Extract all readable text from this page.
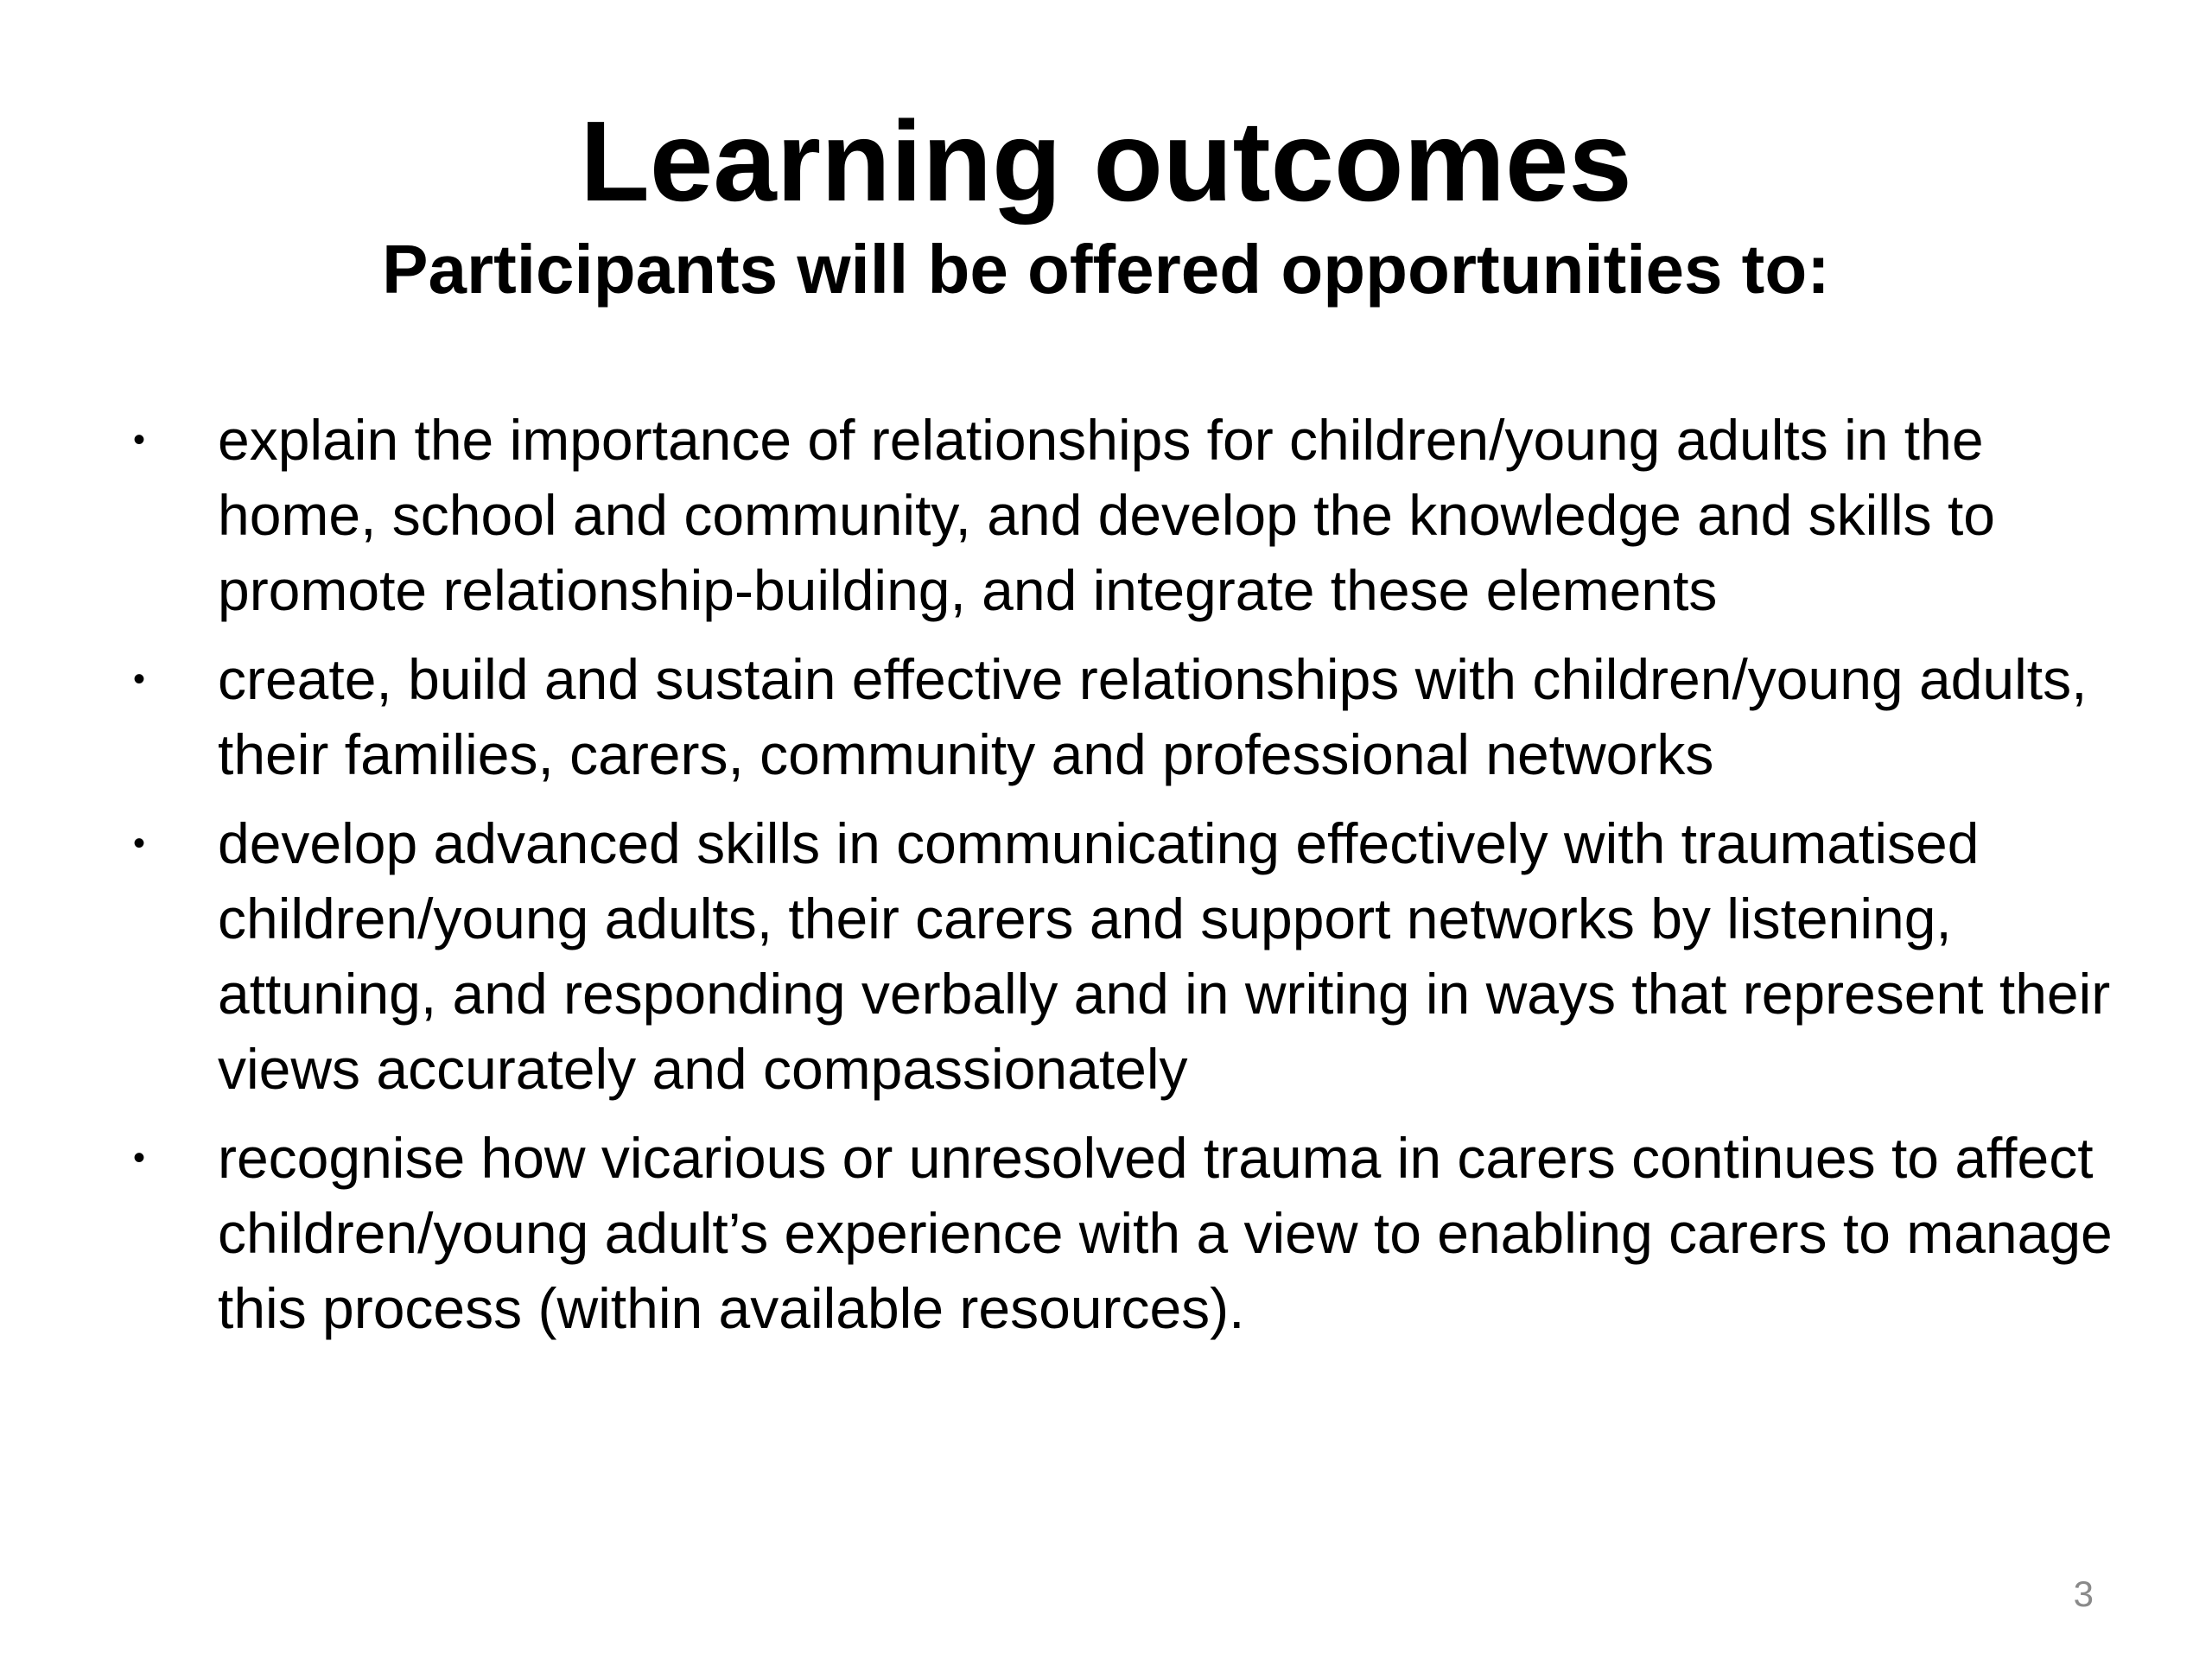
Learning outcomes
Participants will be offered opportunities to:
• explain the importance of relationships for children/young adults in the home, school and community, and develop the knowledge and skills to promote relationship-building, and integrate these elements
• create, build and sustain effective relationships with children/young adults, their families, carers, community and professional networks
• develop advanced skills in communicating effectively with traumatised children/young adults, their carers and support networks by listening, attuning, and responding verbally and in writing in ways that represent their views accurately and compassionately
• recognise how vicarious or unresolved trauma in carers continues to affect children/young adult’s experience with a view to enabling carers to manage this process (within available resources).
3
